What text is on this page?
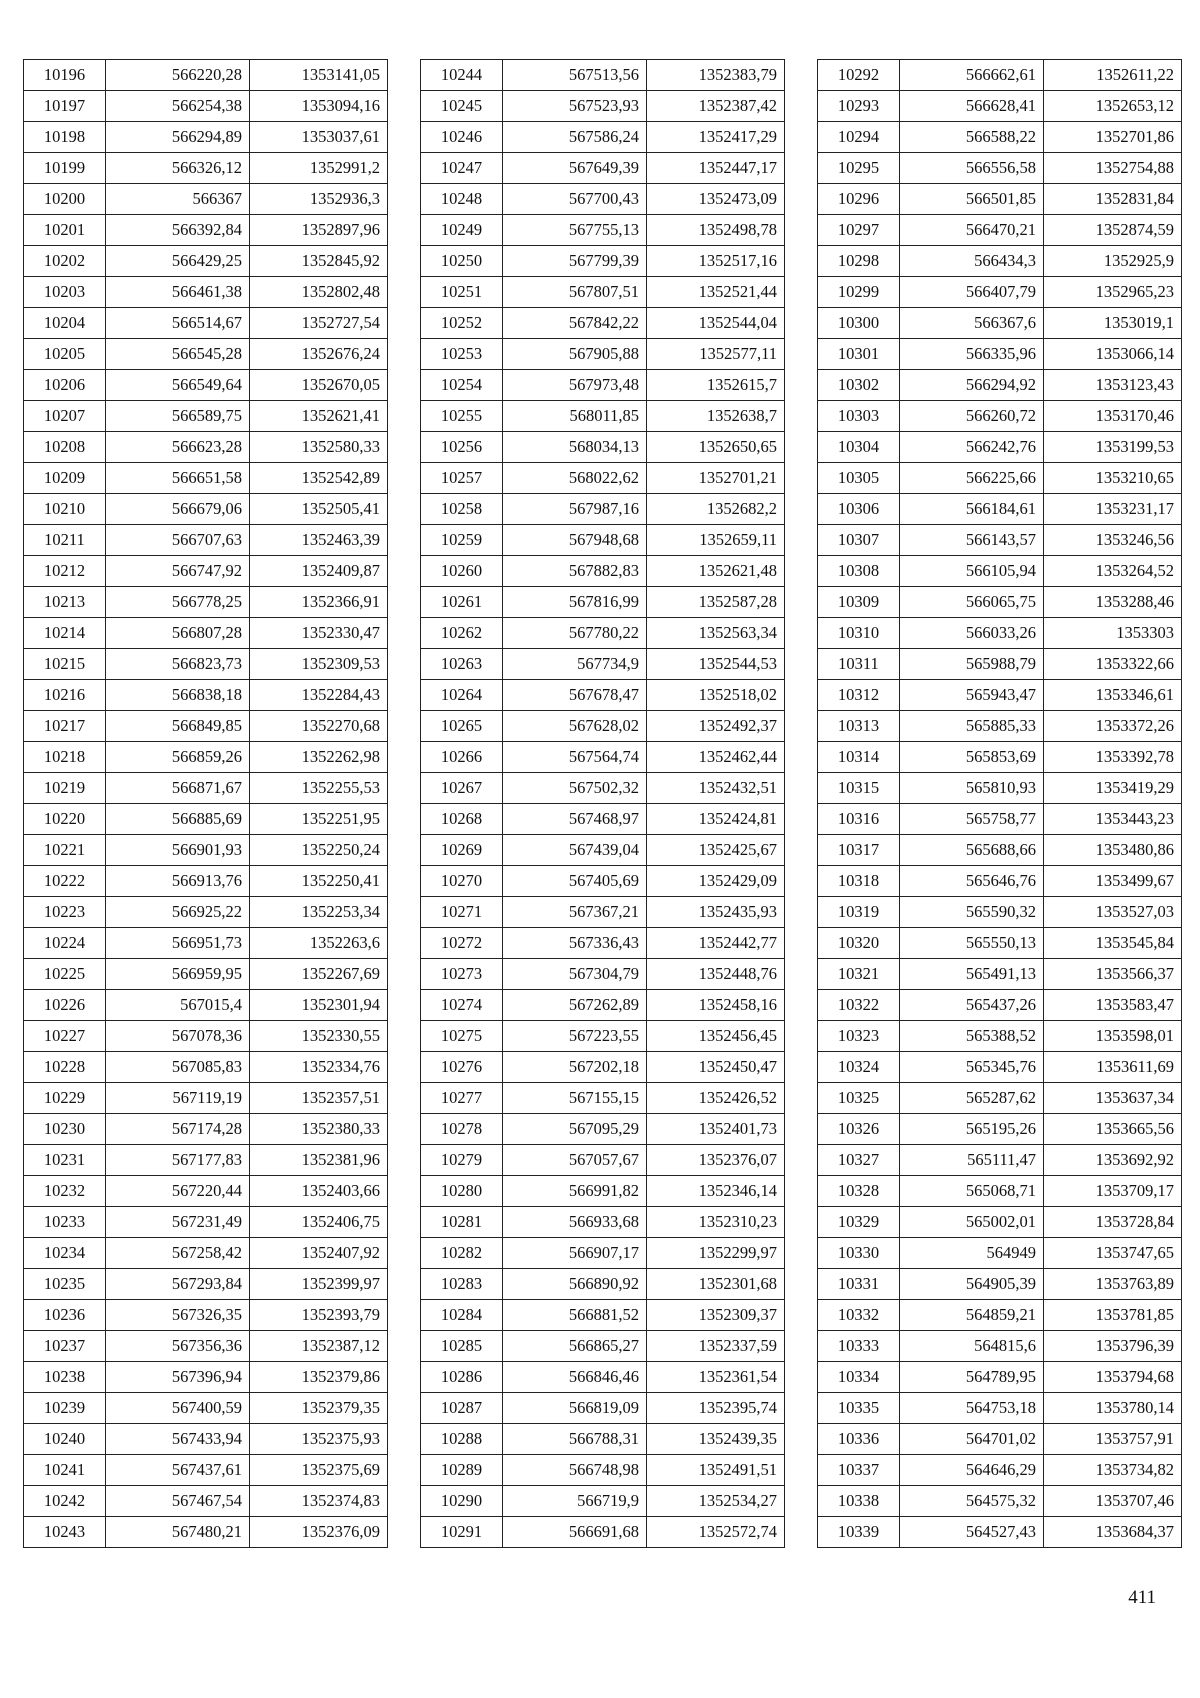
10196	566220,28	1353141,05
10197	566254,38	1353094,16
10198	566294,89	1353037,61
10199	566326,12	1352991,2
10200	566367	1352936,3
10201	566392,84	1352897,96
10202	566429,25	1352845,92
10203	566461,38	1352802,48
10204	566514,67	1352727,54
10205	566545,28	1352676,24
10206	566549,64	1352670,05
10207	566589,75	1352621,41
10208	566623,28	1352580,33
10209	566651,58	1352542,89
10210	566679,06	1352505,41
10211	566707,63	1352463,39
10212	566747,92	1352409,87
10213	566778,25	1352366,91
10214	566807,28	1352330,47
10215	566823,73	1352309,53
10216	566838,18	1352284,43
10217	566849,85	1352270,68
10218	566859,26	1352262,98
10219	566871,67	1352255,53
10220	566885,69	1352251,95
10221	566901,93	1352250,24
10222	566913,76	1352250,41
10223	566925,22	1352253,34
10224	566951,73	1352263,6
10225	566959,95	1352267,69
10226	567015,4	1352301,94
10227	567078,36	1352330,55
10228	567085,83	1352334,76
10229	567119,19	1352357,51
10230	567174,28	1352380,33
10231	567177,83	1352381,96
10232	567220,44	1352403,66
10233	567231,49	1352406,75
10234	567258,42	1352407,92
10235	567293,84	1352399,97
10236	567326,35	1352393,79
10237	567356,36	1352387,12
10238	567396,94	1352379,86
10239	567400,59	1352379,35
10240	567433,94	1352375,93
10241	567437,61	1352375,69
10242	567467,54	1352374,83
10243	567480,21	1352376,09
10244	567513,56	1352383,79
10245	567523,93	1352387,42
10246	567586,24	1352417,29
10247	567649,39	1352447,17
10248	567700,43	1352473,09
10249	567755,13	1352498,78
10250	567799,39	1352517,16
10251	567807,51	1352521,44
10252	567842,22	1352544,04
10253	567905,88	1352577,11
10254	567973,48	1352615,7
10255	568011,85	1352638,7
10256	568034,13	1352650,65
10257	568022,62	1352701,21
10258	567987,16	1352682,2
10259	567948,68	1352659,11
10260	567882,83	1352621,48
10261	567816,99	1352587,28
10262	567780,22	1352563,34
10263	567734,9	1352544,53
10264	567678,47	1352518,02
10265	567628,02	1352492,37
10266	567564,74	1352462,44
10267	567502,32	1352432,51
10268	567468,97	1352424,81
10269	567439,04	1352425,67
10270	567405,69	1352429,09
10271	567367,21	1352435,93
10272	567336,43	1352442,77
10273	567304,79	1352448,76
10274	567262,89	1352458,16
10275	567223,55	1352456,45
10276	567202,18	1352450,47
10277	567155,15	1352426,52
10278	567095,29	1352401,73
10279	567057,67	1352376,07
10280	566991,82	1352346,14
10281	566933,68	1352310,23
10282	566907,17	1352299,97
10283	566890,92	1352301,68
10284	566881,52	1352309,37
10285	566865,27	1352337,59
10286	566846,46	1352361,54
10287	566819,09	1352395,74
10288	566788,31	1352439,35
10289	566748,98	1352491,51
10290	566719,9	1352534,27
10291	566691,68	1352572,74
10292	566662,61	1352611,22
10293	566628,41	1352653,12
10294	566588,22	1352701,86
10295	566556,58	1352754,88
10296	566501,85	1352831,84
10297	566470,21	1352874,59
10298	566434,3	1352925,9
10299	566407,79	1352965,23
10300	566367,6	1353019,1
10301	566335,96	1353066,14
10302	566294,92	1353123,43
10303	566260,72	1353170,46
10304	566242,76	1353199,53
10305	566225,66	1353210,65
10306	566184,61	1353231,17
10307	566143,57	1353246,56
10308	566105,94	1353264,52
10309	566065,75	1353288,46
10310	566033,26	1353303
10311	565988,79	1353322,66
10312	565943,47	1353346,61
10313	565885,33	1353372,26
10314	565853,69	1353392,78
10315	565810,93	1353419,29
10316	565758,77	1353443,23
10317	565688,66	1353480,86
10318	565646,76	1353499,67
10319	565590,32	1353527,03
10320	565550,13	1353545,84
10321	565491,13	1353566,37
10322	565437,26	1353583,47
10323	565388,52	1353598,01
10324	565345,76	1353611,69
10325	565287,62	1353637,34
10326	565195,26	1353665,56
10327	565111,47	1353692,92
10328	565068,71	1353709,17
10329	565002,01	1353728,84
10330	564949	1353747,65
10331	564905,39	1353763,89
10332	564859,21	1353781,85
10333	564815,6	1353796,39
10334	564789,95	1353794,68
10335	564753,18	1353780,14
10336	564701,02	1353757,91
10337	564646,29	1353734,82
10338	564575,32	1353707,46
10339	564527,43	1353684,37
411
